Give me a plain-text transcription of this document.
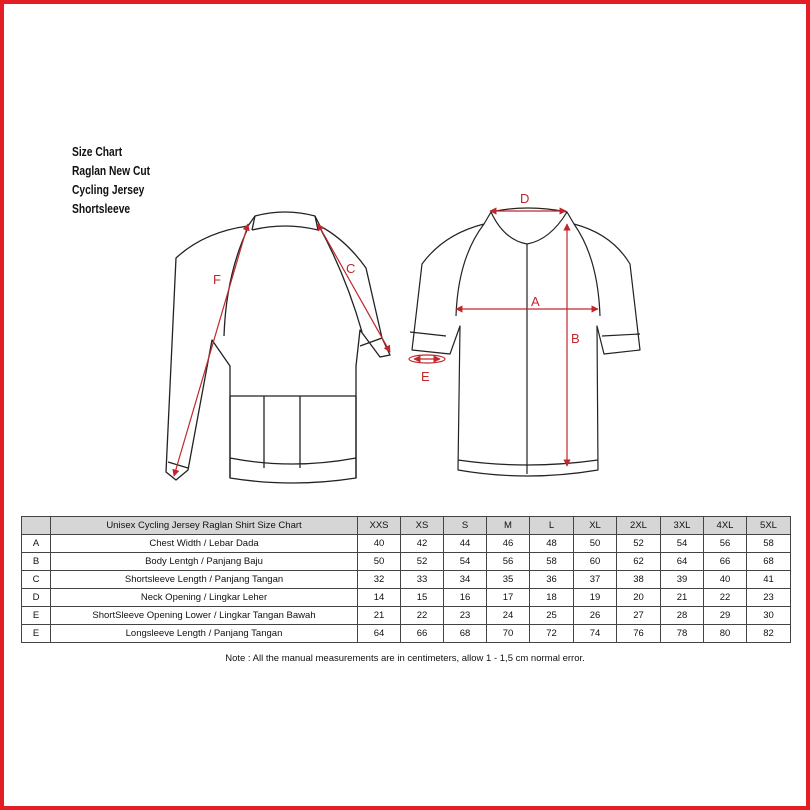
Size Chart
Raglan New Cut
Cycling Jersey
Shortsleeve
D
A
B
C
F
E
	Unisex Cycling Jersey Raglan Shirt Size Chart	XXS	XS	S	M	L	XL	2XL	3XL	4XL	5XL
A	Chest Width / Lebar Dada	40	42	44	46	48	50	52	54	56	58
B	Body Lentgh / Panjang Baju	50	52	54	56	58	60	62	64	66	68
C	Shortsleeve Length / Panjang Tangan	32	33	34	35	36	37	38	39	40	41
D	Neck Opening / Lingkar Leher	14	15	16	17	18	19	20	21	22	23
E	ShortSleeve Opening Lower / Lingkar Tangan Bawah	21	22	23	24	25	26	27	28	29	30
E	Longsleeve Length / Panjang Tangan	64	66	68	70	72	74	76	78	80	82
Note : All the manual measurements are in centimeters, allow 1 - 1,5 cm normal error.
